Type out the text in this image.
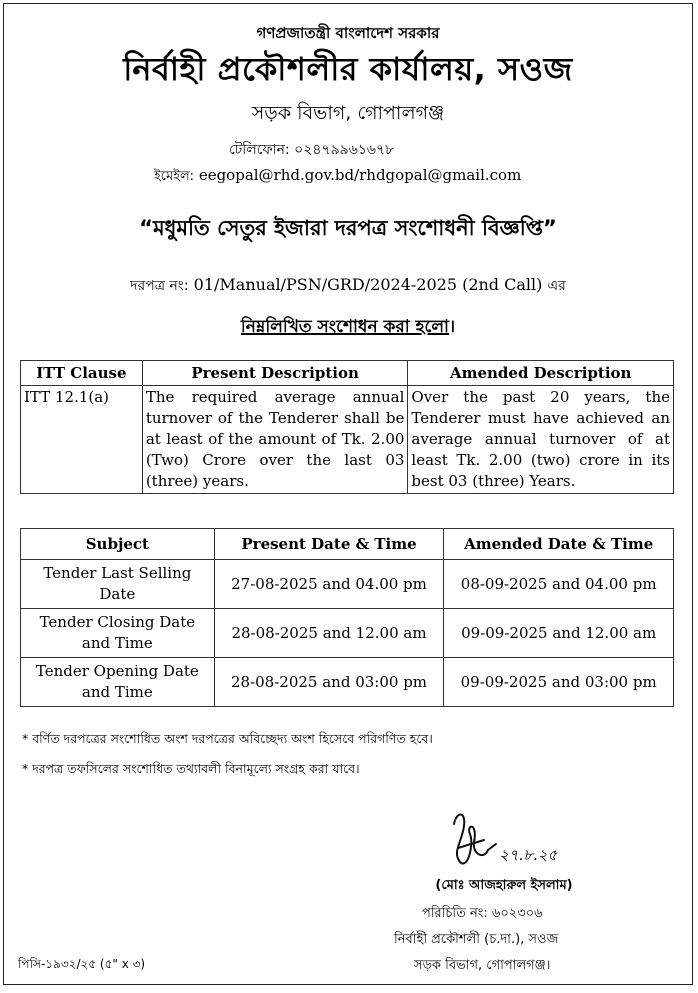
গণপ্রজাতন্ত্রী বাংলাদেশ সরকার
নির্বাহী প্রকৌশলীর কার্যালয়, সওজ
সড়ক বিভাগ, গোপালগঞ্জ
টেলিফোন: ০২৪৭৯৯৬১৬৭৮
ইমেইল: eegopal@rhd.gov.bd/rhdgopal@gmail.com
“মধুমতি সেতুর ইজারা দরপত্র সংশোধনী বিজ্ঞপ্তি”
দরপত্র নং: 01/Manual/PSN/GRD/2024-2025 (2nd Call) এর
নিম্নলিখিত সংশোধন করা হলো।
ITT Clause	Present Description	Amended Description
ITT 12.1(a)	The required average annual turnover of the Tenderer shall be at least of the amount of Tk. 2.00 (Two) Crore over the last 03 (three) years.	Over the past 20 years, the Tenderer must have achieved an average annual turnover of at least Tk. 2.00 (two) crore in its best 03 (three) Years.
Subject	Present Date & Time	Amended Date & Time
Tender Last Selling Date	27-08-2025 and 04.00 pm	08-09-2025 and 04.00 pm
Tender Closing Date and Time	28-08-2025 and 12.00 am	09-09-2025 and 12.00 am
Tender Opening Date and Time	28-08-2025 and 03:00 pm	09-09-2025 and 03:00 pm
* বর্ণিত দরপত্রের সংশোধিত অংশ দরপত্রের অবিচ্ছেদ্য অংশ হিসেবে পরিগণিত হবে।
* দরপত্র তফসিলের সংশোধিত তথ্যাবলী বিনামূল্যে সংগ্রহ করা যাবে।
২৭.৮.২৫
(মোঃ আজহারুল ইসলাম)
পরিচিতি নং: ৬০২৩০৬
নির্বাহী প্রকৌশলী (চ.দা.), সওজ
সড়ক বিভাগ, গোপালগঞ্জ।
পিসি-১৯৩২/২৫ (৫" x ৩)
